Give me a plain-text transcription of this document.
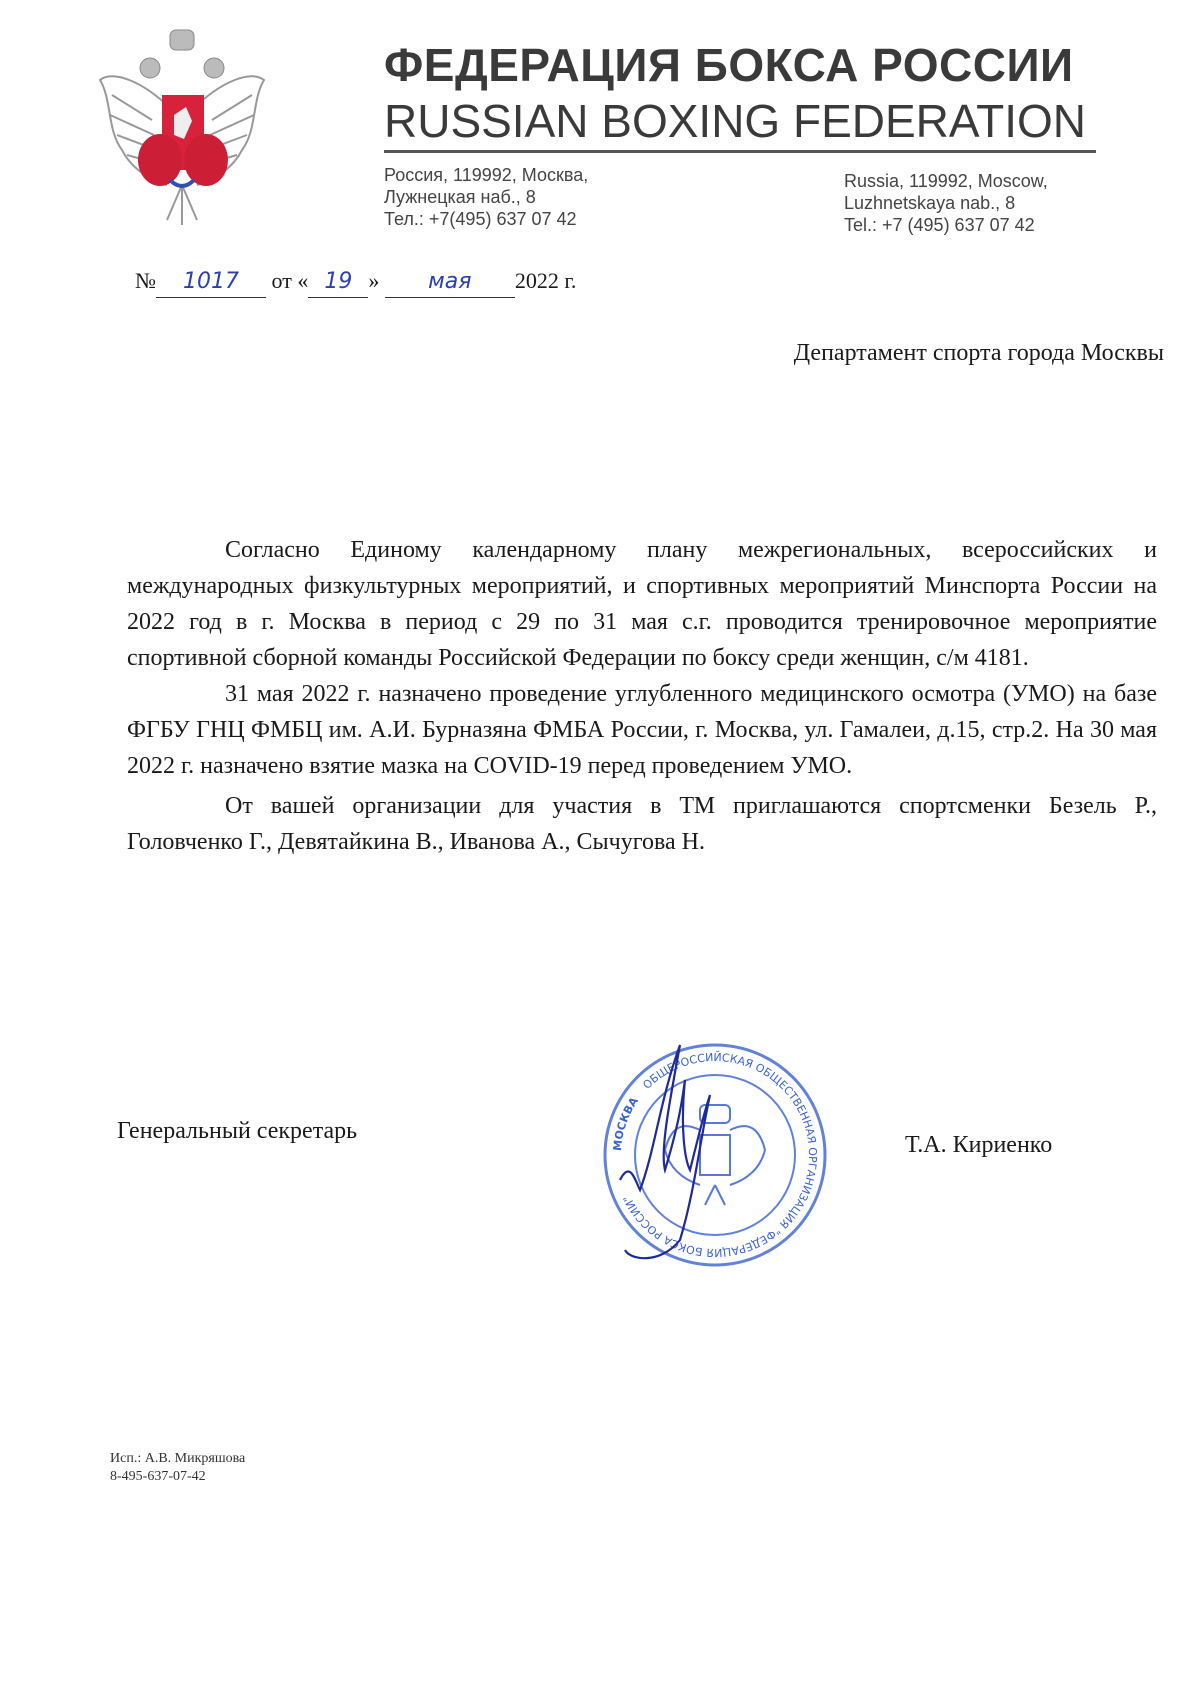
ФЕДЕРАЦИЯ БОКСА РОССИИ
RUSSIAN BOXING FEDERATION
Россия, 119992, Москва,
Лужнецкая наб., 8
Тел.: +7(495) 637 07 42
Russia, 119992, Moscow,
Luzhnetskaya nab., 8
Tel.: +7 (495) 637 07 42
№ 1017 от « 19 » мая 2022 г.
Департамент спорта города Москвы

Согласно Единому календарному плану межрегиональных, всероссийских и международных физкультурных мероприятий, и спортивных мероприятий Минспорта России на 2022 год в г. Москва в период с 29 по 31 мая с.г. проводится тренировочное мероприятие спортивной сборной команды Российской Федерации по боксу среди женщин, с/м 4181.

31 мая 2022 г. назначено проведение углубленного медицинского осмотра (УМО) на базе ФГБУ ГНЦ ФМБЦ им. А.И. Бурназяна ФМБА России, г. Москва, ул. Гамалеи, д.15, стр.2. На 30 мая 2022 г. назначено взятие мазка на COVID-19 перед проведением УМО.

От вашей организации для участия в ТМ приглашаются спортсменки Безель Р., Головченко Г., Девятайкина В., Иванова А., Сычугова Н.

Генеральный секретарь
Т.А. Кириенко
МОСКВАОБЩЕРОССИЙСКАЯ ОБЩЕСТВЕННАЯ ОРГАНИЗАЦИЯ "ФЕДЕРАЦИЯ БОКСА РОССИИ"
Исп.: А.В. Микряшова
8-495-637-07-42
